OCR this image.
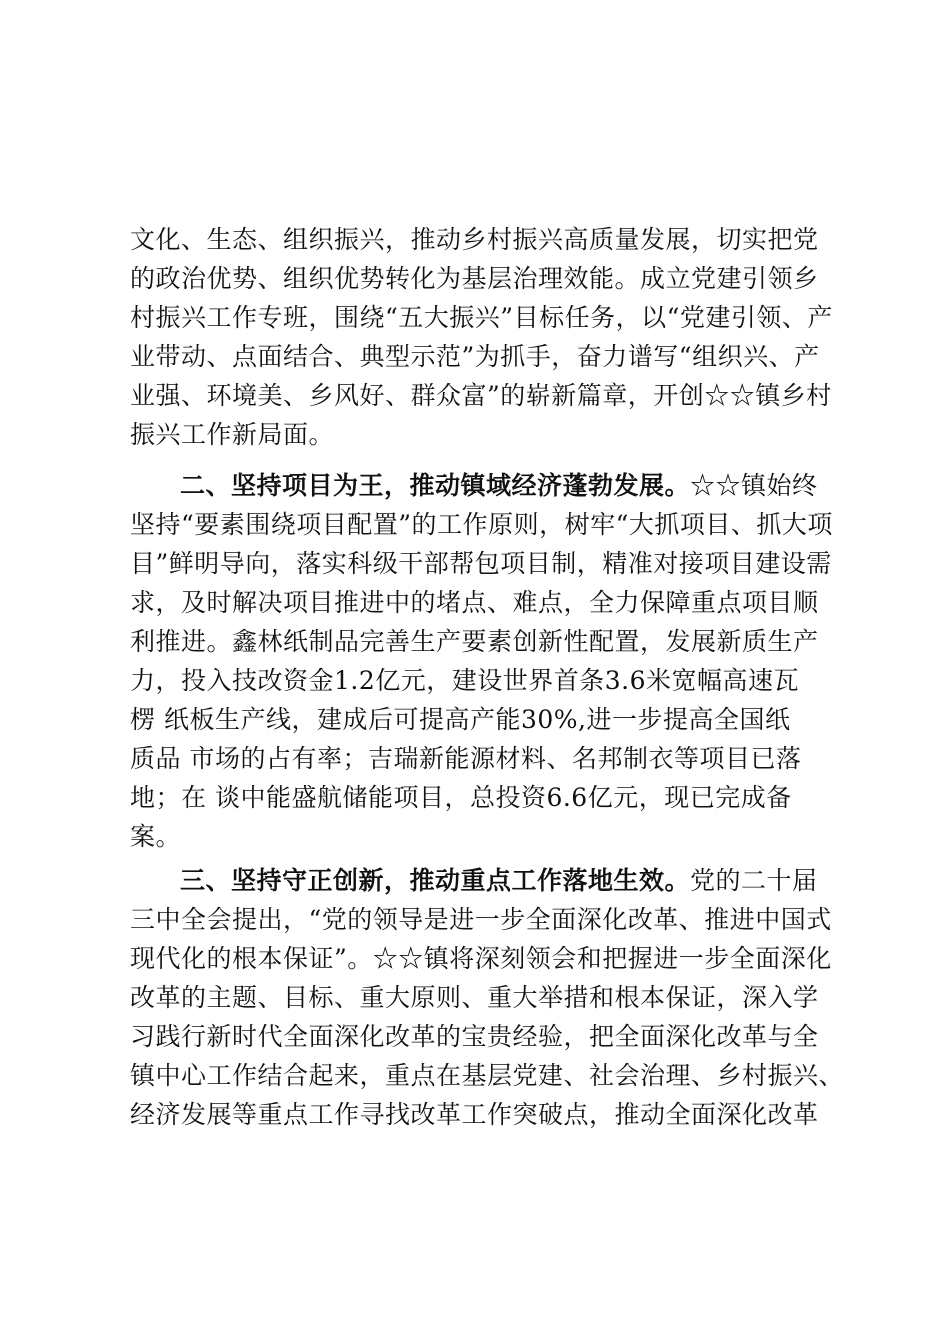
文化、生态、组织振兴，推动乡村振兴高质量发展，切实把党
的政治优势、组织优势转化为基层治理效能。成立党建引领乡
村振兴工作专班，围绕“五大振兴”目标任务，以“党建引领、产
业带动、点面结合、典型示范”为抓手，奋力谱写“组织兴、产
业强、环境美、乡风好、群众富”的崭新篇章，开创☆☆镇乡村
振兴工作新局面。
二、坚持项目为王，推动镇域经济蓬勃发展。☆☆镇始终
坚持“要素围绕项目配置”的工作原则，树牢“大抓项目、抓大项
目”鲜明导向，落实科级干部帮包项目制，精准对接项目建设需
求，及时解决项目推进中的堵点、难点，全力保障重点项目顺
利推进。鑫林纸制品完善生产要素创新性配置，发展新质生产
力，投入技改资金1.2亿元，建设世界首条3.6米宽幅高速瓦
楞 纸板生产线，建成后可提高产能30%,进一步提高全国纸
质品 市场的占有率；吉瑞新能源材料、名邦制衣等项目已落
地；在 谈中能盛航储能项目，总投资6.6亿元，现已完成备
案。
三、坚持守正创新，推动重点工作落地生效。党的二十届
三中全会提出，“党的领导是进一步全面深化改革、推进中国式
现代化的根本保证”。☆☆镇将深刻领会和把握进一步全面深化
改革的主题、目标、重大原则、重大举措和根本保证，深入学
习践行新时代全面深化改革的宝贵经验，把全面深化改革与全
镇中心工作结合起来，重点在基层党建、社会治理、乡村振兴、
经济发展等重点工作寻找改革工作突破点，推动全面深化改革
